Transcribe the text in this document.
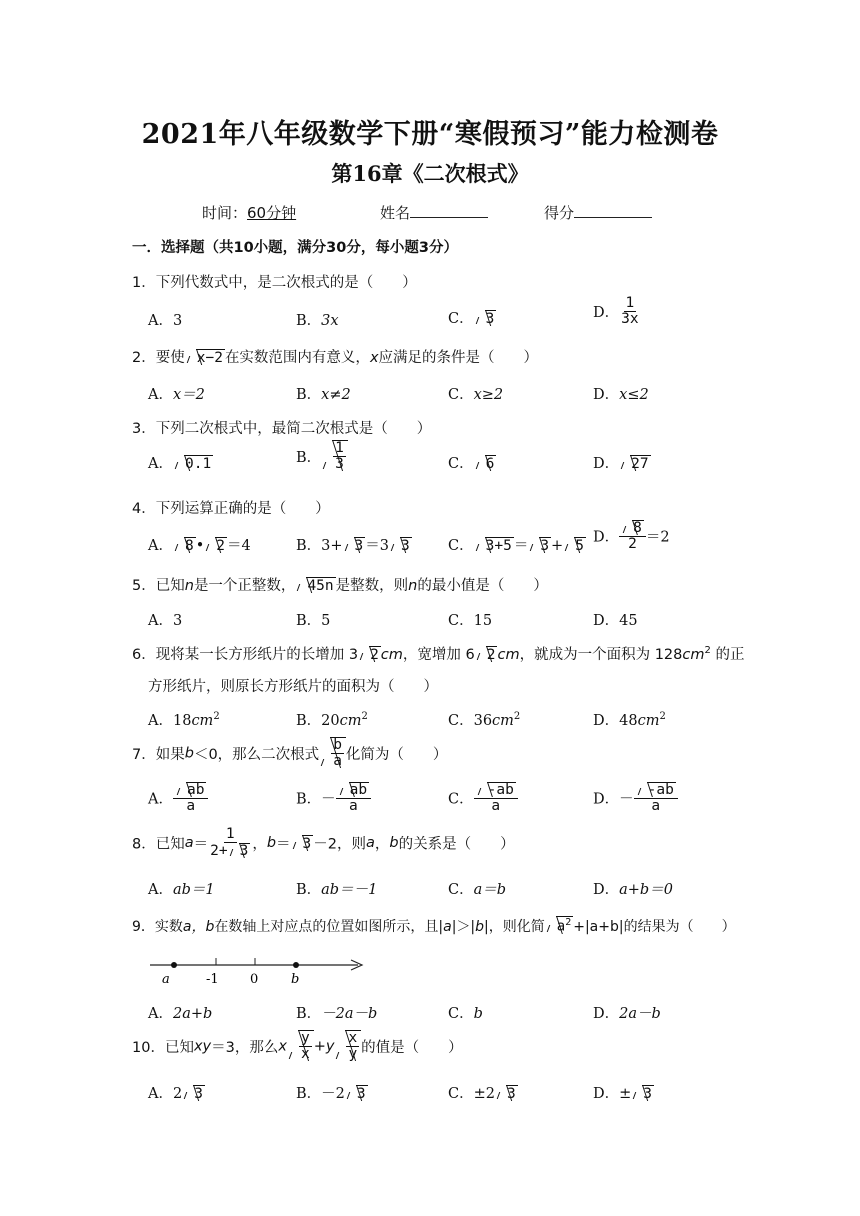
2021年八年级数学下册“寒假预习”能力检测卷
第16章《二次根式》
时间：60分钟	姓名	得分
一．选择题（共10小题，满分30分，每小题3分）
1．下列代数式中，是二次根式的是（　　）
A．3	B．3x	C． 3	D． $\frac{1}{3x}$
2．要使 x−2 在实数范围内有意义，x应满足的条件是（　　）
A．x＝2	B．x≠2	C．x≥2	D．x≤2
3．下列二次根式中，最简二次根式是（　　）
A． 0.1	B． $\frac{1}{3}$	C． 6	D． 27
4．下列运算正确的是（　　）
A． 8 • 2 ＝4	B．3+ 3 ＝3 3	C． 3+5 ＝ 3 + 5
D． $\frac{8}{2} =2$
5．已知n是一个正整数， 45n 是整数，则n的最小值是（　　）
A．3	B．5	C．15	D．45
6．现将某一长方形纸片的长增加 3 2 cm，宽增加 6 2 cm，就成为一个面积为 $128cm^2$ 的正
方形纸片，则原长方形纸片的面积为（　　）
A．$18cm^2$	B．$20cm^2$	C．$36cm^2$	D．$48cm^2$
7．如果b＜0，那么二次根式 $\frac{b}{a}$ 化简为（　　）
A． $\frac{ab}{a}$	B．－ $\frac{ab}{a}$	C． $\frac{-ab}{a}$	D．－ $\frac{-ab}{a}$
8．已知$a= \frac{1}{2+ 3}$ ，b＝ 3 －2，则a，b的关系是（　　）
A．ab＝1	B．ab＝－1	C．a＝b	D．a+b＝0
9．实数a，b在数轴上对应点的位置如图所示，且|a|＞|b|，则化简 $a^2 +|a+b|$的结果为（　　）
a	-1 0	b
A．2a+b	B．－2a－b	C．b	D．2a－b
10．已知xy＝3，那么x $\frac{y}{x} +y \frac{x}{y}$ 的值是（　　）
A．2 3	B．－2 3	C．±2 3	D．± 3
